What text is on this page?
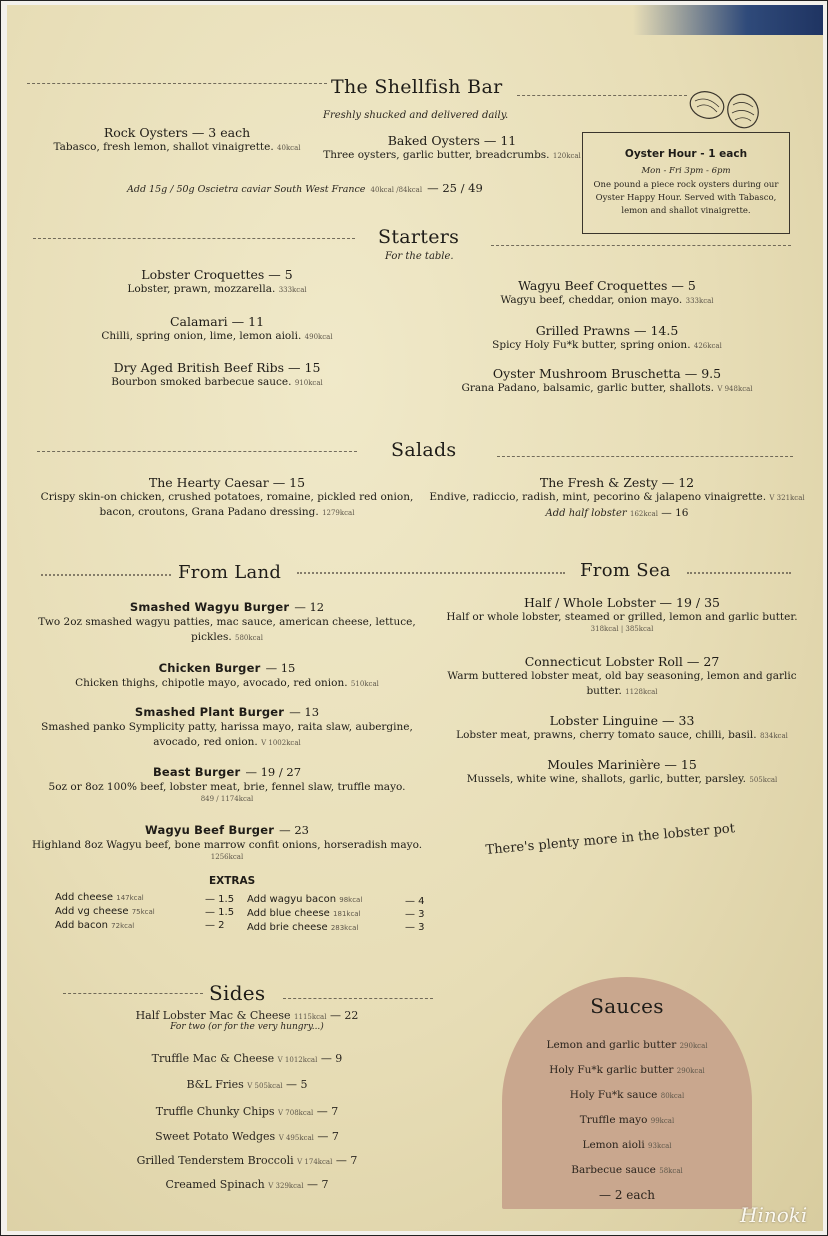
The Shellfish Bar
Freshly shucked and delivered daily.
Rock Oysters — 3 each
Tabasco, fresh lemon, shallot vinaigrette. 40kcal	Baked Oysters — 11
Three oysters, garlic butter, breadcrumbs. 120kcal
Add 15g / 50g Oscietra caviar South West France 40kcal /84kcal — 25 / 49
Oyster Hour - 1 each
Mon - Fri 3pm - 6pm
One pound a piece rock oysters during our
Oyster Happy Hour. Served with Tabasco,
lemon and shallot vinaigrette.
Starters
For the table.
Lobster Croquettes — 5
Lobster, prawn, mozzarella. 333kcal
Calamari — 11
Chilli, spring onion, lime, lemon aioli. 490kcal
Dry Aged British Beef Ribs — 15
Bourbon smoked barbecue sauce. 910kcal
Wagyu Beef Croquettes — 5
Wagyu beef, cheddar, onion mayo. 333kcal
Grilled Prawns — 14.5
Spicy Holy Fu*k butter, spring onion. 426kcal
Oyster Mushroom Bruschetta — 9.5
Grana Padano, balsamic, garlic butter, shallots. V 948kcal
Salads
The Hearty Caesar — 15
Crispy skin-on chicken, crushed potatoes, romaine, pickled red onion,
bacon, croutons, Grana Padano dressing. 1279kcal
The Fresh & Zesty — 12
Endive, radiccio, radish, mint, pecorino & jalapeno vinaigrette. V 321kcal
Add half lobster 162kcal — 16
From Land	From Sea
Smashed Wagyu Burger — 12
Two 2oz smashed wagyu patties, mac sauce, american cheese, lettuce,
pickles. 580kcal
Chicken Burger — 15
Chicken thighs, chipotle mayo, avocado, red onion. 510kcal
Smashed Plant Burger — 13
Smashed panko Symplicity patty, harissa mayo, raita slaw, aubergine,
avocado, red onion. V 1002kcal
Beast Burger — 19 / 27
5oz or 8oz 100% beef, lobster meat, brie, fennel slaw, truffle mayo.
849 / 1174kcal
Wagyu Beef Burger — 23
Highland 8oz Wagyu beef, bone marrow confit onions, horseradish mayo.
1256kcal
EXTRAS
Add cheese 147kcal
Add vg cheese 75kcal
Add bacon 72kcal
— 1.5
— 1.5
— 2
Add wagyu bacon 98kcal
Add blue cheese 181kcal
Add brie cheese 283kcal
— 4
— 3
— 3
Half / Whole Lobster — 19 / 35
Half or whole lobster, steamed or grilled, lemon and garlic butter.
318kcal | 385kcal
Connecticut Lobster Roll — 27
Warm buttered lobster meat, old bay seasoning, lemon and garlic
butter. 1128kcal
Lobster Linguine — 33
Lobster meat, prawns, cherry tomato sauce, chilli, basil. 834kcal
Moules Marinière — 15
Mussels, white wine, shallots, garlic, butter, parsley. 505kcal
There's plenty more in the lobster pot
Sides
Half Lobster Mac & Cheese 1115kcal — 22
For two (or for the very hungry...)
Truffle Mac & Cheese V 1012kcal — 9
B&L Fries V 505kcal — 5
Truffle Chunky Chips V 708kcal — 7
Sweet Potato Wedges V 495kcal — 7
Grilled Tenderstem Broccoli V 174kcal — 7
Creamed Spinach V 329kcal — 7
Sauces
Lemon and garlic butter 290kcal
Holy Fu*k garlic butter 290kcal
Holy Fu*k sauce 80kcal
Truffle mayo 99kcal
Lemon aioli 93kcal
Barbecue sauce 58kcal
— 2 each
Hinoki
